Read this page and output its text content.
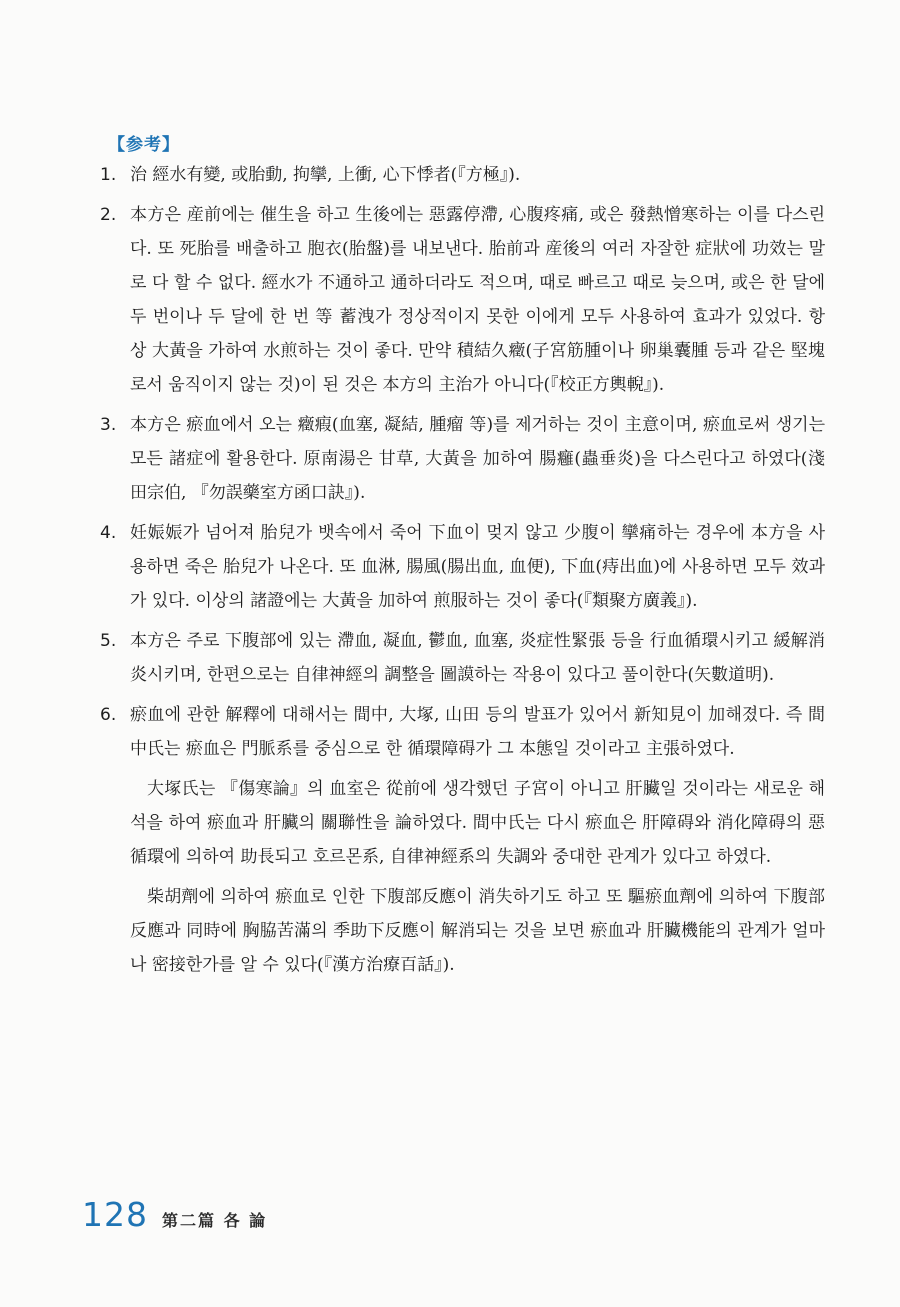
【参考】
1. 治 經水有變, 或胎動, 拘攣, 上衝, 心下悸者(『方極』).
2. 本方은 産前에는 催生을 하고 生後에는 惡露停滯, 心腹疼痛, 或은 發熱憎寒하는 이를 다스린다. 또 死胎를 배출하고 胞衣(胎盤)를 내보낸다. 胎前과 産後의 여러 자잘한 症狀에 功效는 말로 다 할 수 없다. 經水가 不通하고 通하더라도 적으며, 때로 빠르고 때로 늦으며, 或은 한 달에 두 번이나 두 달에 한 번 等 蓄洩가 정상적이지 못한 이에게 모두 사용하여 효과가 있었다. 항상 大黃을 가하여 水煎하는 것이 좋다. 만약 積結久癥(子宮筋腫이나 卵巢囊腫 등과 같은 堅塊로서 움직이지 않는 것)이 된 것은 本方의 主治가 아니다(『校正方輿輗』).
3. 本方은 瘀血에서 오는 癥瘕(血塞, 凝結, 腫瘤 等)를 제거하는 것이 主意이며, 瘀血로써 생기는 모든 諸症에 활용한다. 原南湯은 甘草, 大黃을 加하여 腸癰(蟲垂炎)을 다스린다고 하였다(淺田宗伯, 『勿誤藥室方函口訣』).
4. 妊娠娠가 넘어져 胎兒가 뱃속에서 죽어 下血이 멎지 않고 少腹이 攣痛하는 경우에 本方을 사용하면 죽은 胎兒가 나온다. 또 血淋, 腸風(腸出血, 血便), 下血(痔出血)에 사용하면 모두 效과가 있다. 이상의 諸證에는 大黃을 加하여 煎服하는 것이 좋다(『類聚方廣義』).
5. 本方은 주로 下腹部에 있는 滯血, 凝血, 鬱血, 血塞, 炎症性緊張 등을 行血循環시키고 緩解消炎시키며, 한편으로는 自律神經의 調整을 圖謨하는 작용이 있다고 풀이한다(矢數道明).
6. 瘀血에 관한 解釋에 대해서는 間中, 大塚, 山田 등의 발표가 있어서 新知見이 加해졌다. 즉 間中氏는 瘀血은 門脈系를 중심으로 한 循環障碍가 그 本態일 것이라고 主張하였다.

大塚氏는 『傷寒論』의 血室은 從前에 생각했던 子宮이 아니고 肝臟일 것이라는 새로운 해석을 하여 瘀血과 肝臟의 關聯性을 論하였다. 間中氏는 다시 瘀血은 肝障碍와 消化障碍의 惡循環에 의하여 助長되고 호르몬系, 自律神經系의 失調와 중대한 관계가 있다고 하였다.

柴胡劑에 의하여 瘀血로 인한 下腹部反應이 消失하기도 하고 또 驅瘀血劑에 의하여 下腹部反應과 同時에 胸脇苦滿의 季助下反應이 解消되는 것을 보면 瘀血과 肝臟機能의 관계가 얼마나 密接한가를 알 수 있다(『漢方治療百話』).

128 第二篇 各 論
